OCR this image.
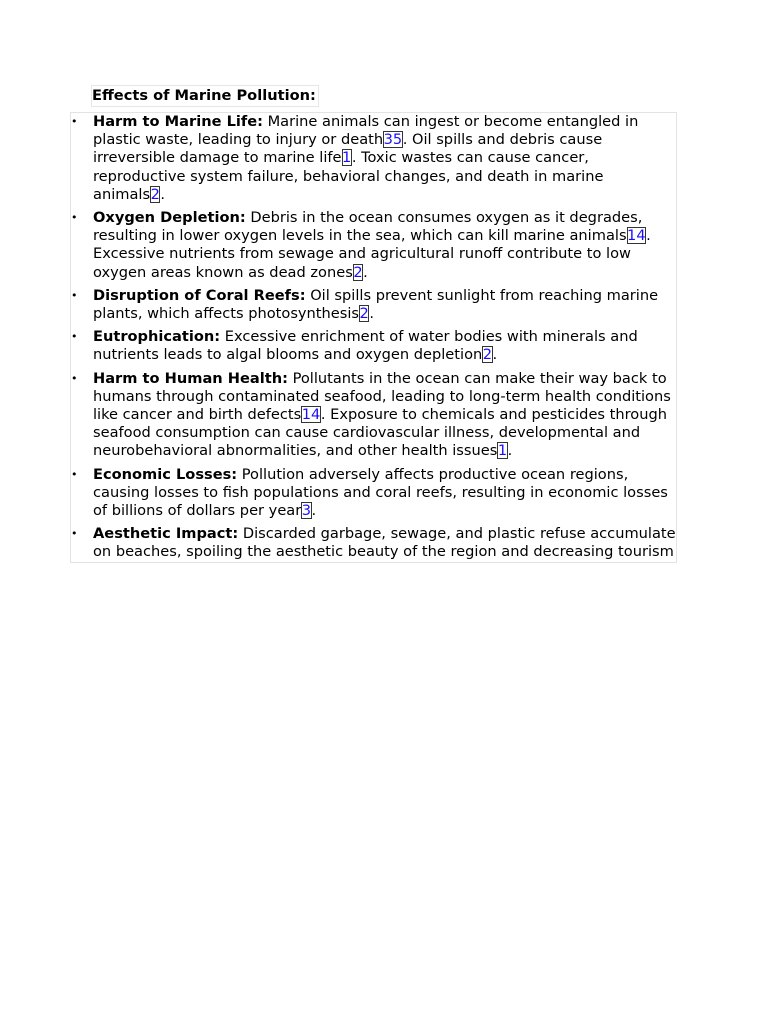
Effects of Marine Pollution:
• Harm to Marine Life: Marine animals can ingest or become entangled in plastic waste, leading to injury or death35. Oil spills and debris cause irreversible damage to marine life1. Toxic wastes can cause cancer, reproductive system failure, behavioral changes, and death in marine animals2.
• Oxygen Depletion: Debris in the ocean consumes oxygen as it degrades, resulting in lower oxygen levels in the sea, which can kill marine animals14. Excessive nutrients from sewage and agricultural runoff contribute to low oxygen areas known as dead zones2.
• Disruption of Coral Reefs: Oil spills prevent sunlight from reaching marine plants, which affects photosynthesis2.
• Eutrophication: Excessive enrichment of water bodies with minerals and nutrients leads to algal blooms and oxygen depletion2.
• Harm to Human Health: Pollutants in the ocean can make their way back to humans through contaminated seafood, leading to long-term health conditions like cancer and birth defects14. Exposure to chemicals and pesticides through seafood consumption can cause cardiovascular illness, developmental and neurobehavioral abnormalities, and other health issues1.
• Economic Losses: Pollution adversely affects productive ocean regions, causing losses to fish populations and coral reefs, resulting in economic losses of billions of dollars per year3.
• Aesthetic Impact: Discarded garbage, sewage, and plastic refuse accumulate on beaches, spoiling the aesthetic beauty of the region and decreasing tourism
